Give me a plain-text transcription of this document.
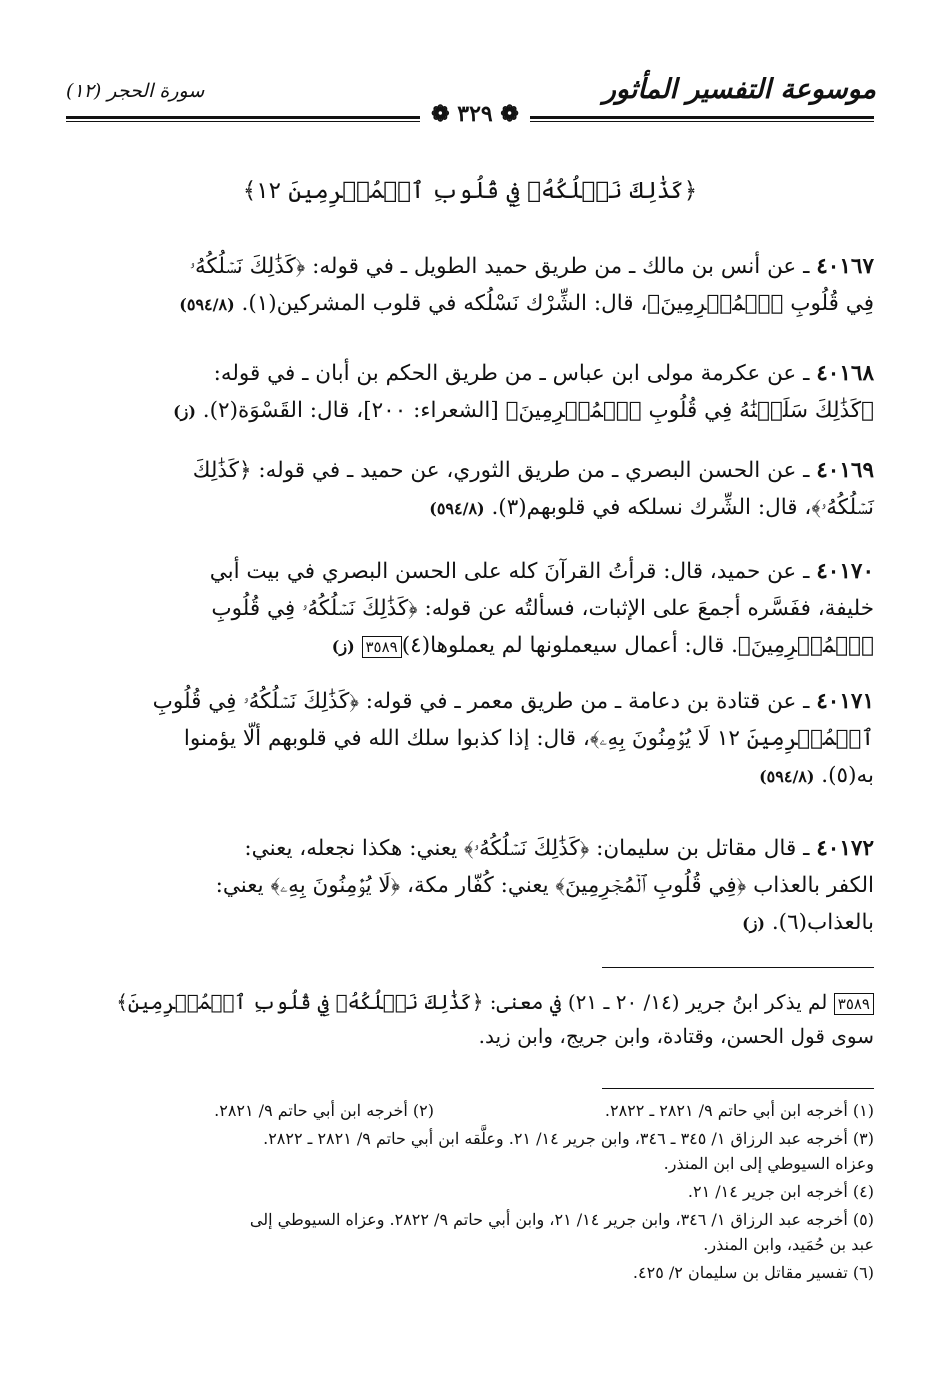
موسوعة التفسير المأثور
سورة الحجر (١٢)
❁ ٣٢٩ ❁
﴿كَذَٰلِكَ نَسۡلُكُهُۥ فِي قُلُوبِ ٱلۡمُجۡرِمِينَ ١٢﴾
٤٠١٦٧ ـ عن أنس بن مالك ـ من طريق حميد الطويل ـ في قوله: ﴿كَذَٰلِكَ نَسۡلُكُهُۥ
فِي قُلُوبِ ٱلۡمُجۡرِمِينَ﴾، قال: الشِّرْك نَسْلُكه في قلوب المشركين(١). (٥٩٤/٨)
٤٠١٦٨ ـ عن عكرمة مولى ابن عباس ـ من طريق الحكم بن أبان ـ في قوله:
﴿كَذَٰلِكَ سَلَكۡنَٰهُ فِي قُلُوبِ ٱلۡمُجۡرِمِينَ﴾ [الشعراء: ٢٠٠]، قال: القَسْوَة(٢). (ز)
٤٠١٦٩ ـ عن الحسن البصري ـ من طريق الثوري، عن حميد ـ في قوله: ﴿كَذَٰلِكَ
نَسۡلُكُهُۥ﴾، قال: الشِّرك نسلكه في قلوبهم(٣). (٥٩٤/٨)
٤٠١٧٠ ـ عن حميد، قال: قرأتُ القرآنَ كله على الحسن البصري في بيت أبي
خليفة، ففَسَّره أجمعَ على الإثبات، فسألتُه عن قوله: ﴿كَذَٰلِكَ نَسۡلُكُهُۥ فِي قُلُوبِ
ٱلۡمُجۡرِمِينَ﴾. قال: أعمال سيعملونها لم يعملوها(٤)٣٥٨٩ (ز)
٤٠١٧١ ـ عن قتادة بن دعامة ـ من طريق معمر ـ في قوله: ﴿كَذَٰلِكَ نَسۡلُكُهُۥ فِي قُلُوبِ
ٱلۡمُجۡرِمِينَ ١٢ لَا يُؤۡمِنُونَ بِهِۦ﴾، قال: إذا كذبوا سلك الله في قلوبهم ألّا يؤمنوا
به(٥). (٥٩٤/٨)
٤٠١٧٢ ـ قال مقاتل بن سليمان: ﴿كَذَٰلِكَ نَسۡلُكُهُۥ﴾ يعني: هكذا نجعله، يعني:
الكفر بالعذاب ﴿فِي قُلُوبِ ٱلۡمُجۡرِمِينَ﴾ يعني: كُفّار مكة، ﴿لَا يُؤۡمِنُونَ بِهِۦ﴾ يعني:
بالعذاب(٦). (ز)
٣٥٨٩ لم يذكر ابنُ جرير (١٤/ ٢٠ ـ ٢١) في معنى: ﴿كَذَٰلِكَ نَسۡلُكُهُۥ فِي قُلُوبِ ٱلۡمُجۡرِمِينَ﴾
سوى قول الحسن، وقتادة، وابن جريج، وابن زيد.
(١) أخرجه ابن أبي حاتم ٩/ ٢٨٢١ ـ ٢٨٢٢.
(٢) أخرجه ابن أبي حاتم ٩/ ٢٨٢١.
(٣) أخرجه عبد الرزاق ١/ ٣٤٥ ـ ٣٤٦، وابن جرير ١٤/ ٢١. وعلَّقه ابن أبي حاتم ٩/ ٢٨٢١ ـ ٢٨٢٢.
وعزاه السيوطي إلى ابن المنذر.
(٤) أخرجه ابن جرير ١٤/ ٢١.
(٥) أخرجه عبد الرزاق ١/ ٣٤٦، وابن جرير ١٤/ ٢١، وابن أبي حاتم ٩/ ٢٨٢٢. وعزاه السيوطي إلى
عبد بن حُمَيد، وابن المنذر.
(٦) تفسير مقاتل بن سليمان ٢/ ٤٢٥.
